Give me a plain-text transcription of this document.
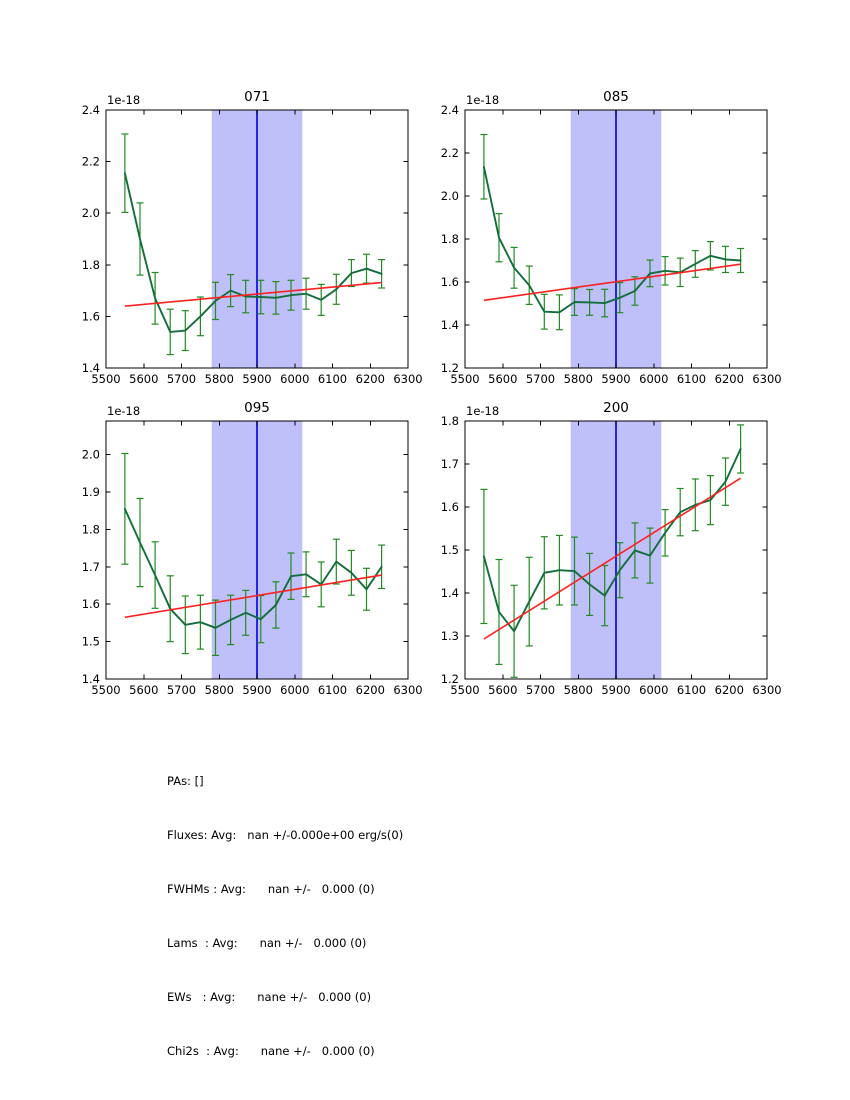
5500 5600 5700 5800 5900 6000 6100 6200 6300
1.4
1.6
1.8
2.0
2.2
2.4
071
1e-18
5500 5600 5700 5800 5900 6000 6100 6200 6300
1.2
1.4
1.6
1.8
2.0
2.2
2.4
085
1e-18
5500 5600 5700 5800 5900 6000 6100 6200 6300
1.4
1.5
1.6
1.7
1.8
1.9
2.0
095
1e-18
5500 5600 5700 5800 5900 6000 6100 6200 6300
1.2
1.3
1.4
1.5
1.6
1.7
1.8
200
1e-18

PAs: []

Fluxes: Avg:   nan +/-0.000e+00 erg/s(0)

FWHMs : Avg:      nan +/-   0.000 (0)

Lams  : Avg:      nan +/-   0.000 (0)

EWs   : Avg:      nane +/-   0.000 (0)

Chi2s  : Avg:      nane +/-   0.000 (0)
